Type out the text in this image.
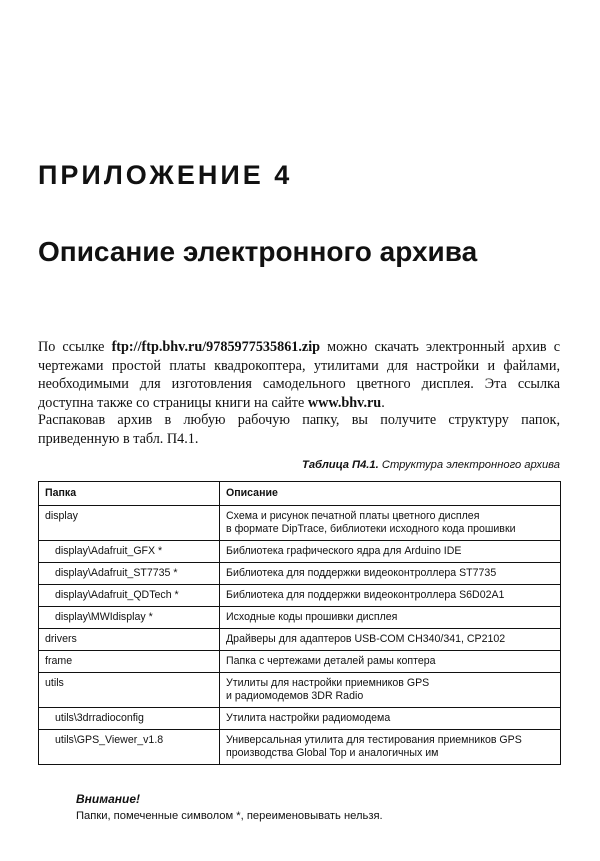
ПРИЛОЖЕНИЕ 4
Описание электронного архива
По ссылке ftp://ftp.bhv.ru/9785977535861.zip можно скачать электронный архив с чертежами простой платы квадрокоптера, утилитами для настройки и файлами, необходимыми для изготовления самодельного цветного дисплея. Эта ссылка доступна также со страницы книги на сайте www.bhv.ru.
Распаковав архив в любую рабочую папку, вы получите структуру папок, приведенную в табл. П4.1.
Таблица П4.1. Структура электронного архива
Папка	Описание
display	Схема и рисунок печатной платы цветного дисплея
в формате DipTrace, библиотеки исходного кода прошивки
display\Adafruit_GFX *	Библиотека графического ядра для Arduino IDE
display\Adafruit_ST7735 *	Библиотека для поддержки видеоконтроллера ST7735
display\Adafruit_QDTech *	Библиотека для поддержки видеоконтроллера S6D02A1
display\MWIdisplay *	Исходные коды прошивки дисплея
drivers	Драйверы для адаптеров USB-COM CH340/341, CP2102
frame	Папка с чертежами деталей рамы коптера
utils	Утилиты для настройки приемников GPS
и радиомодемов 3DR Radio
utils\3drradioconfig	Утилита настройки радиомодема
utils\GPS_Viewer_v1.8	Универсальная утилита для тестирования приемников GPS
производства Global Top и аналогичных им
Внимание!
Папки, помеченные символом *, переименовывать нельзя.
